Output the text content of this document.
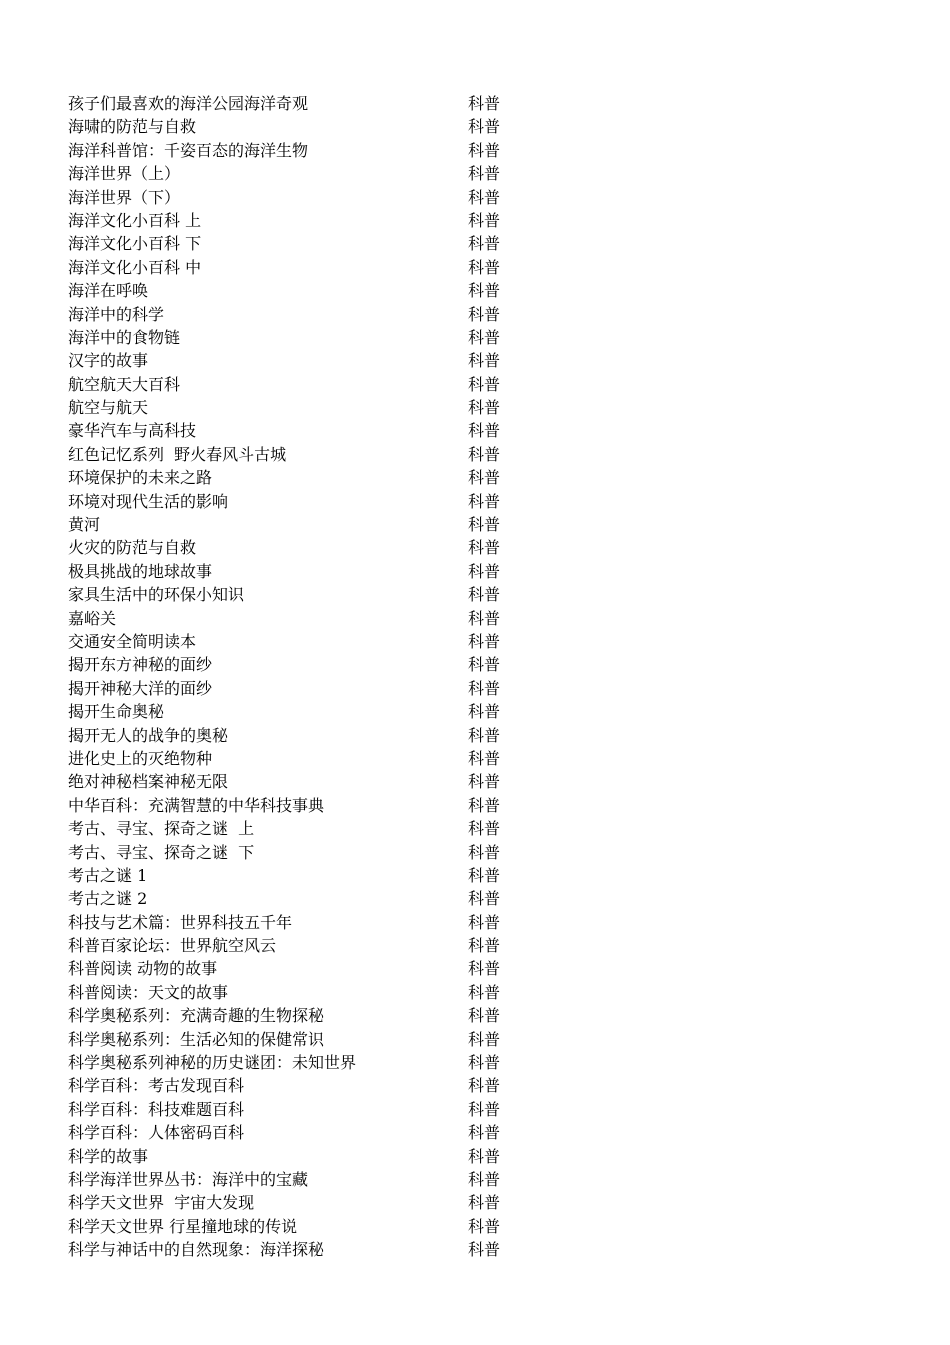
孩子们最喜欢的海洋公园海洋奇观	科普
海啸的防范与自救	科普
海洋科普馆：千姿百态的海洋生物	科普
海洋世界（上）	科普
海洋世界（下）	科普
海洋文化小百科 上	科普
海洋文化小百科 下	科普
海洋文化小百科 中	科普
海洋在呼唤	科普
海洋中的科学	科普
海洋中的食物链	科普
汉字的故事	科普
航空航天大百科	科普
航空与航天	科普
豪华汽车与高科技	科普
红色记忆系列  野火春风斗古城	科普
环境保护的未来之路	科普
环境对现代生活的影响	科普
黄河	科普
火灾的防范与自救	科普
极具挑战的地球故事	科普
家具生活中的环保小知识	科普
嘉峪关	科普
交通安全简明读本	科普
揭开东方神秘的面纱	科普
揭开神秘大洋的面纱	科普
揭开生命奥秘	科普
揭开无人的战争的奥秘	科普
进化史上的灭绝物种	科普
绝对神秘档案神秘无限	科普
中华百科：充满智慧的中华科技事典	科普
考古、寻宝、探奇之谜  上	科普
考古、寻宝、探奇之谜  下	科普
考古之谜 1	科普
考古之谜 2	科普
科技与艺术篇：世界科技五千年	科普
科普百家论坛：世界航空风云	科普
科普阅读 动物的故事	科普
科普阅读：天文的故事	科普
科学奥秘系列：充满奇趣的生物探秘	科普
科学奥秘系列：生活必知的保健常识	科普
科学奥秘系列神秘的历史谜团：未知世界	科普
科学百科：考古发现百科	科普
科学百科：科技难题百科	科普
科学百科：人体密码百科	科普
科学的故事	科普
科学海洋世界丛书：海洋中的宝藏	科普
科学天文世界  宇宙大发现	科普
科学天文世界 行星撞地球的传说	科普
科学与神话中的自然现象：海洋探秘	科普
